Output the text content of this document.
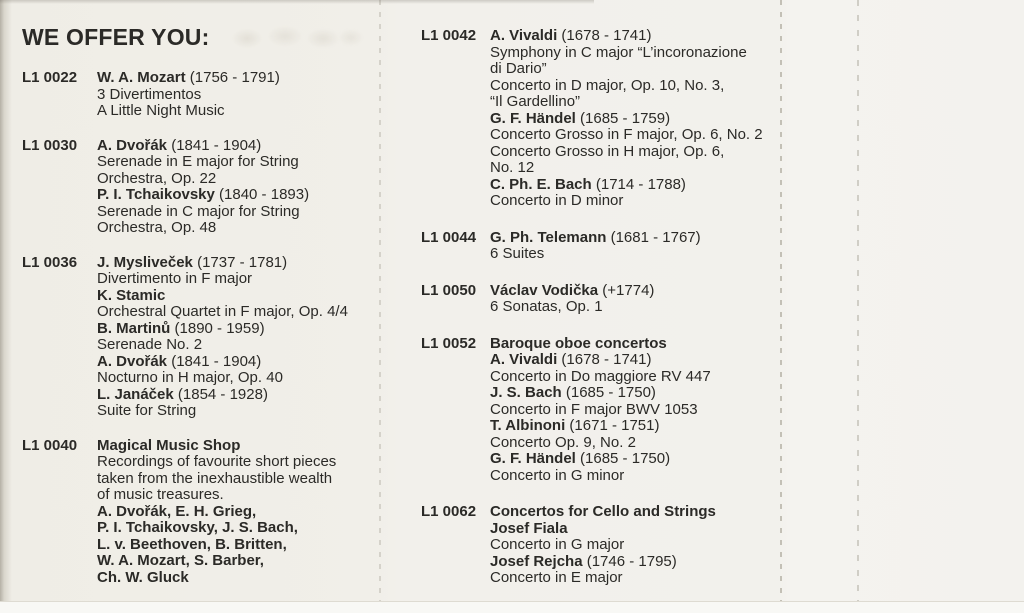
WE OFFER YOU:
L1 0022	W. A. Mozart (1756 - 1791)
3 Divertimentos
A Little Night Music
L1 0030	A. Dvořák (1841 - 1904)
Serenade in E major for String
Orchestra, Op. 22
P. I. Tchaikovsky (1840 - 1893)
Serenade in C major for String
Orchestra, Op. 48
L1 0036	J. Mysliveček (1737 - 1781)
Divertimento in F major
K. Stamic
Orchestral Quartet in F major, Op. 4/4
B. Martinů (1890 - 1959)
Serenade No. 2
A. Dvořák (1841 - 1904)
Nocturno in H major, Op. 40
L. Janáček (1854 - 1928)
Suite for String
L1 0040	Magical Music Shop
Recordings of favourite short pieces
taken from the inexhaustible wealth
of music treasures.
A. Dvořák, E. H. Grieg,
P. I. Tchaikovsky, J. S. Bach,
L. v. Beethoven, B. Britten,
W. A. Mozart, S. Barber,
Ch. W. Gluck
L1 0042 A. Vivaldi (1678 - 1741)
Symphony in C major “L’incoronazione
di Dario”
Concerto in D major, Op. 10, No. 3,
“Il Gardellino”
G. F. Händel (1685 - 1759)
Concerto Grosso in F major, Op. 6, No. 2
Concerto Grosso in H major, Op. 6,
No. 12
C. Ph. E. Bach (1714 - 1788)
Concerto in D minor
L1 0044 G. Ph. Telemann (1681 - 1767)
6 Suites
L1 0050 Václav Vodička (+1774)
6 Sonatas, Op. 1
L1 0052 Baroque oboe concertos
A. Vivaldi (1678 - 1741)
Concerto in Do maggiore RV 447
J. S. Bach (1685 - 1750)
Concerto in F major BWV 1053
T. Albinoni (1671 - 1751)
Concerto Op. 9, No. 2
G. F. Händel (1685 - 1750)
Concerto in G minor
L1 0062 Concertos for Cello and Strings
Josef Fiala
Concerto in G major
Josef Rejcha (1746 - 1795)
Concerto in E major
